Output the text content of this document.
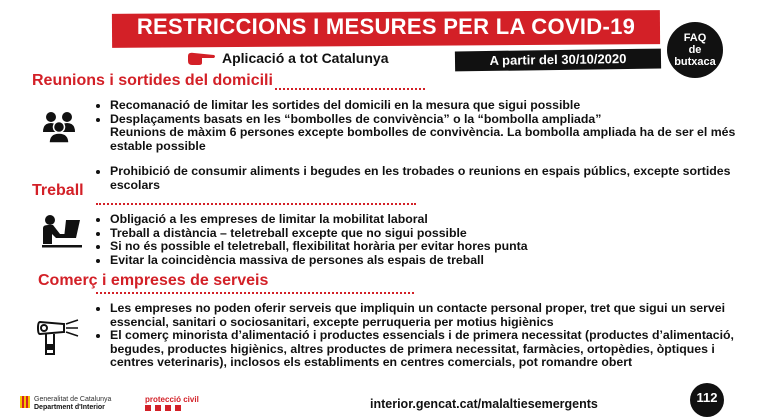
RESTRICCIONS I MESURES PER LA COVID-19	FAQ
de
butxaca
Aplicació a tot Catalunya	A partir del 30/10/2020
Reunions i sortides del domicili
• Recomanació de limitar les sortides del domicili en la mesura que sigui possible
• Desplaçaments basats en les “bombolles de convivència” o la “bombolla ampliada”
Reunions de màxim 6 persones excepte bombolles de convivència. La bombolla ampliada ha de ser el més estable possible
• Prohibició de consumir aliments i begudes en les trobades o reunions en espais públics, excepte sortides escolars
Treball
• Obligació a les empreses de limitar la mobilitat laboral
• Treball a distància – teletreball excepte que no sigui possible
• Si no és possible el teletreball, flexibilitat horària per evitar hores punta
• Evitar la coincidència massiva de persones als espais de treball
Comerç i empreses de serveis
• Les empreses no poden oferir serveis que impliquin un contacte personal proper, tret que sigui un servei essencial, sanitari o sociosanitari, excepte perruqueria per motius higiènics
• El comerç minorista d’alimentació i productes essencials i de primera necessitat (productes d’alimentació, begudes, productes higiènics, altres productes de primera necessitat, farmàcies, ortopèdies, òptiques i centres veterinaris), inclosos els establiments en centres comercials, pot romandre obert
Generalitat de Catalunya
Department d'Interior
protecció civil	interior.gencat.cat/malaltiesemergents	112
